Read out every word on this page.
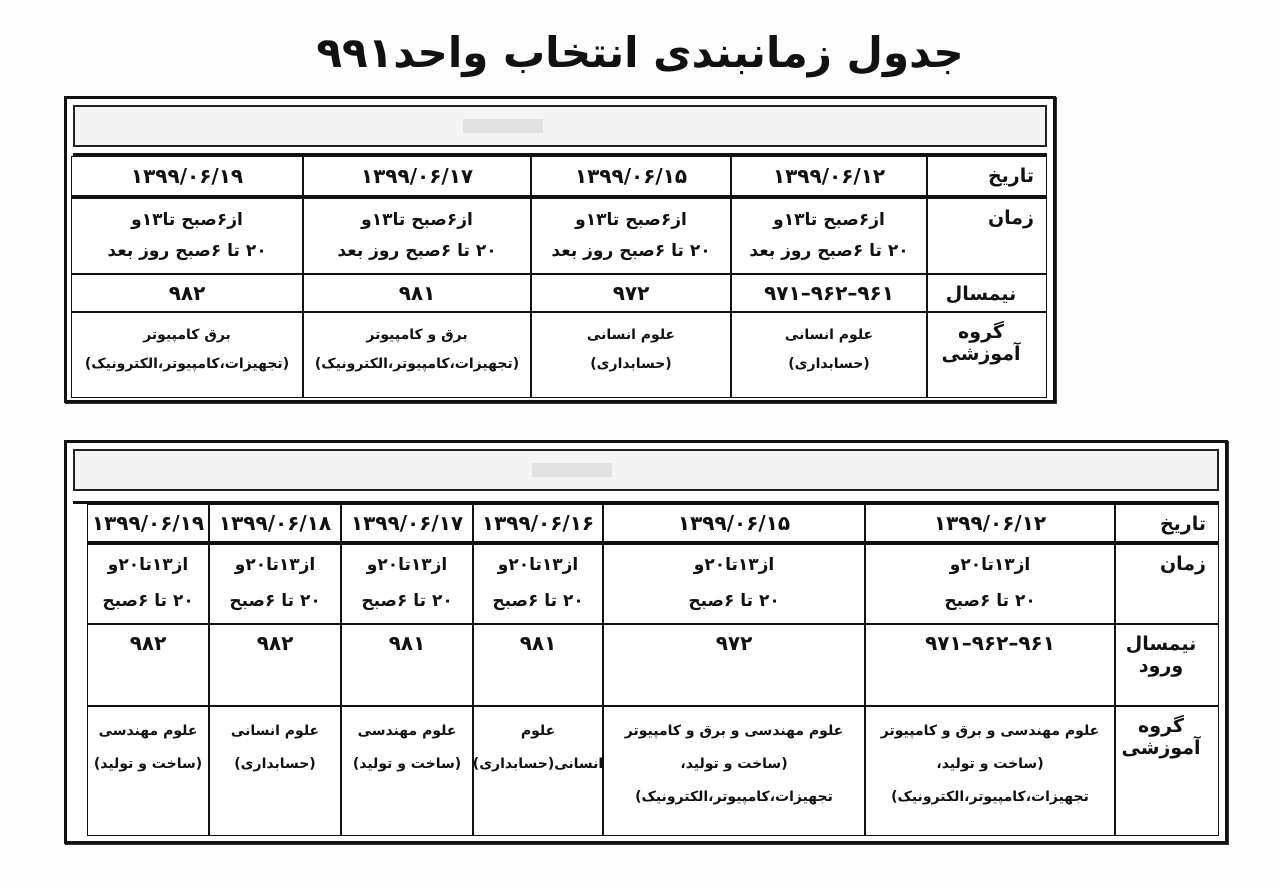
جدول زمانبندی انتخاب واحد۹۹۱
تاریخ
۱۳۹۹/۰۶/۱۲
۱۳۹۹/۰۶/۱۵
۱۳۹۹/۰۶/۱۷
۱۳۹۹/۰۶/۱۹
زمان
از۶صبح تا۱۳و
۲۰ تا ۶صبح روز بعد
از۶صبح تا۱۳و
۲۰ تا ۶صبح روز بعد
از۶صبح تا۱۳و
۲۰ تا ۶صبح روز بعد
از۶صبح تا۱۳و
۲۰ تا ۶صبح روز بعد
نیمسال
۹۶۱–۹۶۲–۹۷۱
۹۷۲
۹۸۱
۹۸۲
گروه آموزشی
علوم انسانی
(حسابداری)
علوم انسانی
(حسابداری)
برق و کامپیوتر
(تجهیزات،کامپیوتر،الکترونیک)
برق کامپیوتر
(تجهیزات،کامپیوتر،الکترونیک)
تاریخ
۱۳۹۹/۰۶/۱۲
۱۳۹۹/۰۶/۱۵
۱۳۹۹/۰۶/۱۶
۱۳۹۹/۰۶/۱۷
۱۳۹۹/۰۶/۱۸
۱۳۹۹/۰۶/۱۹
زمان
از۱۳تا۲۰و
۲۰ تا ۶صبح
از۱۳تا۲۰و
۲۰ تا ۶صبح
از۱۳تا۲۰و
۲۰ تا ۶صبح
از۱۳تا۲۰و
۲۰ تا ۶صبح
از۱۳تا۲۰و
۲۰ تا ۶صبح
از۱۳تا۲۰و
۲۰ تا ۶صبح
نیمسال ورود
۹۶۱–۹۶۲–۹۷۱
۹۷۲
۹۸۱
۹۸۱
۹۸۲
۹۸۲
گروه آموزشی
علوم مهندسی و برق و کامپیوتر
(ساخت و تولید،
تجهیزات،کامپیوتر،الکترونیک)
علوم مهندسی و برق و کامپیوتر
(ساخت و تولید،
تجهیزات،کامپیوتر،الکترونیک)
علوم
انسانی(حسابداری)
علوم مهندسی
(ساخت و تولید)
علوم انسانی
(حسابداری)
علوم مهندسی
(ساخت و تولید)
